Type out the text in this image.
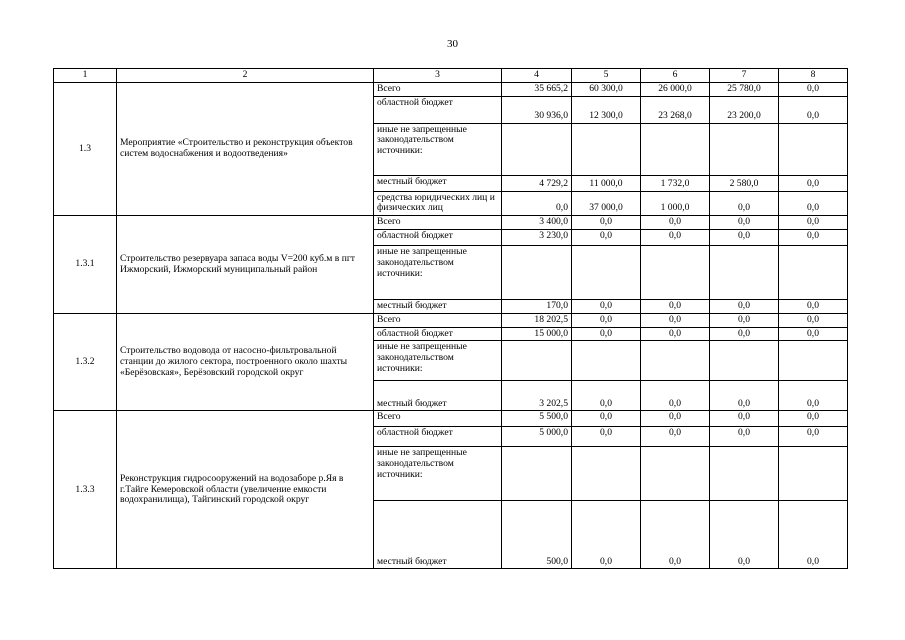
30
1	2	3	4	5	6	7	8
1.3	Мероприятие «Строительство и реконструкция объектов систем водоснабжения и водоотведения»	Всего	35 665,2	60 300,0	26 000,0	25 780,0	0,0
		областной бюджет	30 936,0	12 300,0	23 268,0	23 200,0	0,0
		иные не запрещенные законодательством источники:					
		местный бюджет	4 729,2	11 000,0	1 732,0	2 580,0	0,0
		средства юридических лиц и физических лиц	0,0	37 000,0	1 000,0	0,0	0,0
1.3.1	Строительство резервуара запаса воды V=200 куб.м в пгт Ижморский, Ижморский муниципальный район	Всего	3 400,0	0,0	0,0	0,0	0,0
		областной бюджет	3 230,0	0,0	0,0	0,0	0,0
		иные не запрещенные законодательством источники:					
		местный бюджет	170,0	0,0	0,0	0,0	0,0
1.3.2	Строительство водовода от насосно-фильтровальной станции до жилого сектора, построенного около шахты «Берёзовская», Берёзовский городской округ	Всего	18 202,5	0,0	0,0	0,0	0,0
		областной бюджет	15 000,0	0,0	0,0	0,0	0,0
		иные не запрещенные законодательством источники:					
		местный бюджет	3 202,5	0,0	0,0	0,0	0,0
1.3.3	Реконструкция гидросооружений на водозаборе р.Яя в г.Тайге Кемеровской области (увеличение емкости водохранилища), Тайгинский городской округ	Всего	5 500,0	0,0	0,0	0,0	0,0
		областной бюджет	5 000,0	0,0	0,0	0,0	0,0
		иные не запрещенные законодательством источники:					
		местный бюджет	500,0	0,0	0,0	0,0	0,0
